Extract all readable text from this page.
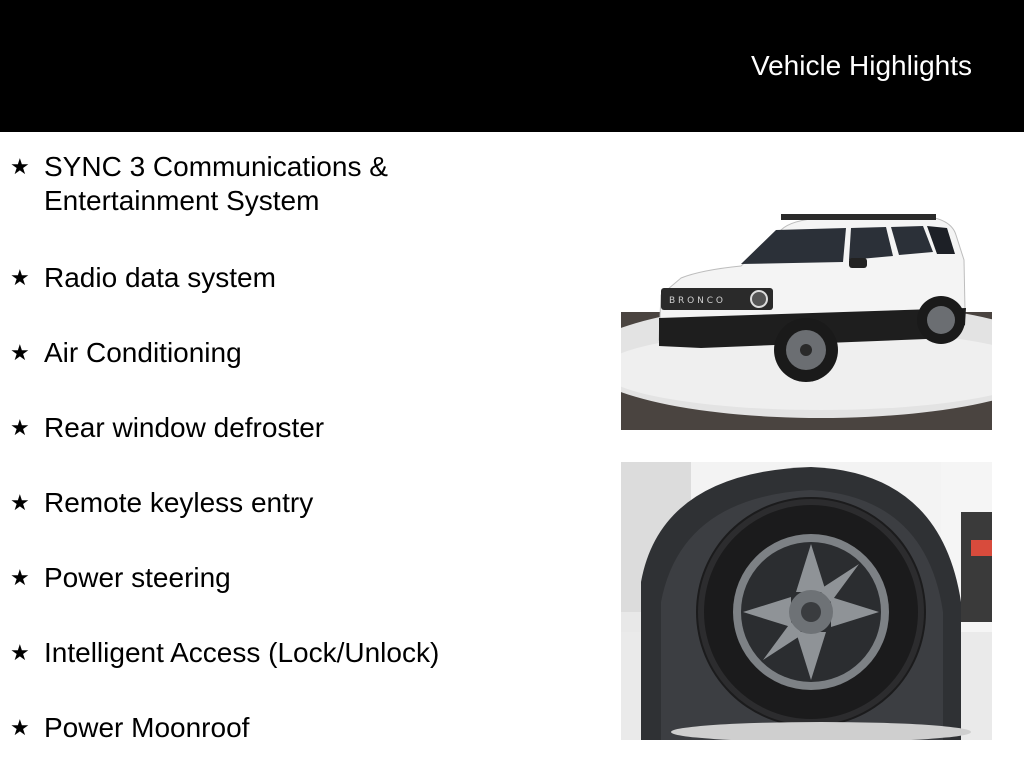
Vehicle Highlights
★ SYNC 3 Communications & Entertainment System
★ Radio data system
★ Air Conditioning
★ Rear window defroster
★ Remote keyless entry
★ Power steering
★ Intelligent Access (Lock/Unlock)
★ Power Moonroof
B R O N C O
